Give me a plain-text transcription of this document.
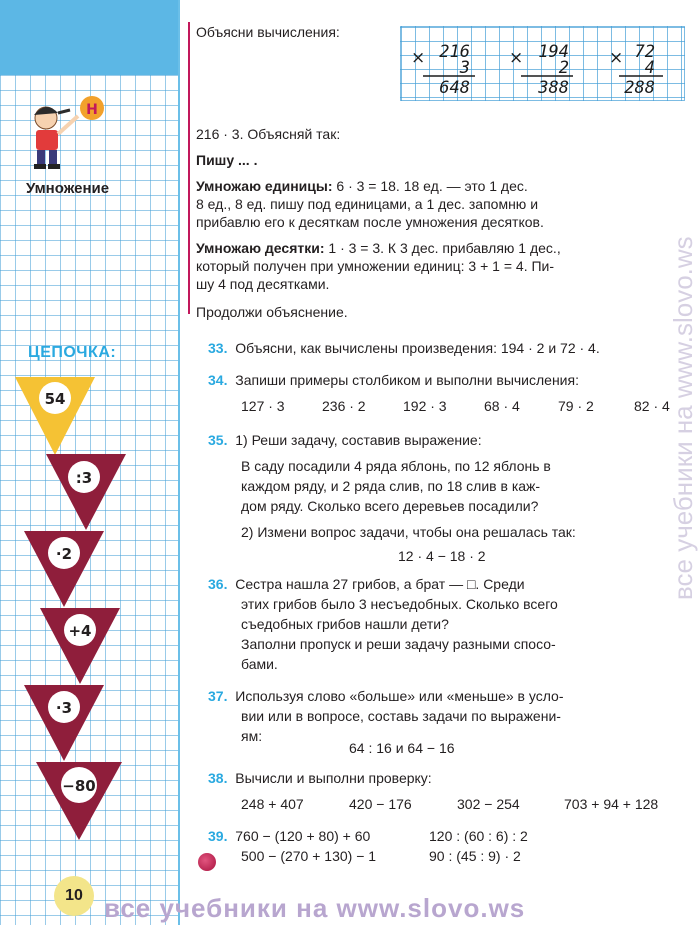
Н

Умножение

ЦЕПОЧКА:

54
:3
·2
+4
·3
−80
10

Объясни вычисления:

× 216
3
648
× 194
2
388
× 72
4
288

216 · 3. Объясняй так:

Пишу ... .

Умножаю единицы: 6 · 3 = 18. 18 ед. — это 1 дес.

8 ед., 8 ед. пишу под единицами, а 1 дес. запомню и

прибавлю его к десяткам после умножения десятков.

Умножаю десятки: 1 · 3 = 3. К 3 дес. прибавляю 1 дес.,

который получен при умножении единиц: 3 + 1 = 4. Пи-

шу 4 под десятками.

Продолжи объяснение.

33. Объясни, как вычислены произведения: 194 · 2 и 72 · 4.

34. Запиши примеры столбиком и выполни вычисления:

127 · 3	236 · 2	192 · 3	68 · 4	79 · 2	82 · 4

35. 1) Реши задачу, составив выражение:

В саду посадили 4 ряда яблонь, по 12 яблонь в

каждом ряду, и 2 ряда слив, по 18 слив в каж-

дом ряду. Сколько всего деревьев посадили?

2) Измени вопрос задачи, чтобы она решалась так:

12 · 4 − 18 · 2

36. Сестра нашла 27 грибов, а брат — □. Среди

этих грибов было 3 несъедобных. Сколько всего

съедобных грибов нашли дети?

Заполни пропуск и реши задачу разными спосо-

бами.

37. Используя слово «больше» или «меньше» в усло-

вии или в вопросе, составь задачи по выражени-

ям:

64 : 16 и 64 − 16

38. Вычисли и выполни проверку:

248 + 407	420 − 176	302 − 254	703 + 94 + 128

39. 760 − (120 + 80) + 60	120 : (60 : 6) : 2

500 − (270 + 130) − 1	90 : (45 : 9) · 2

все учебники на www.slovo.ws

все учебники на www.slovo.ws
